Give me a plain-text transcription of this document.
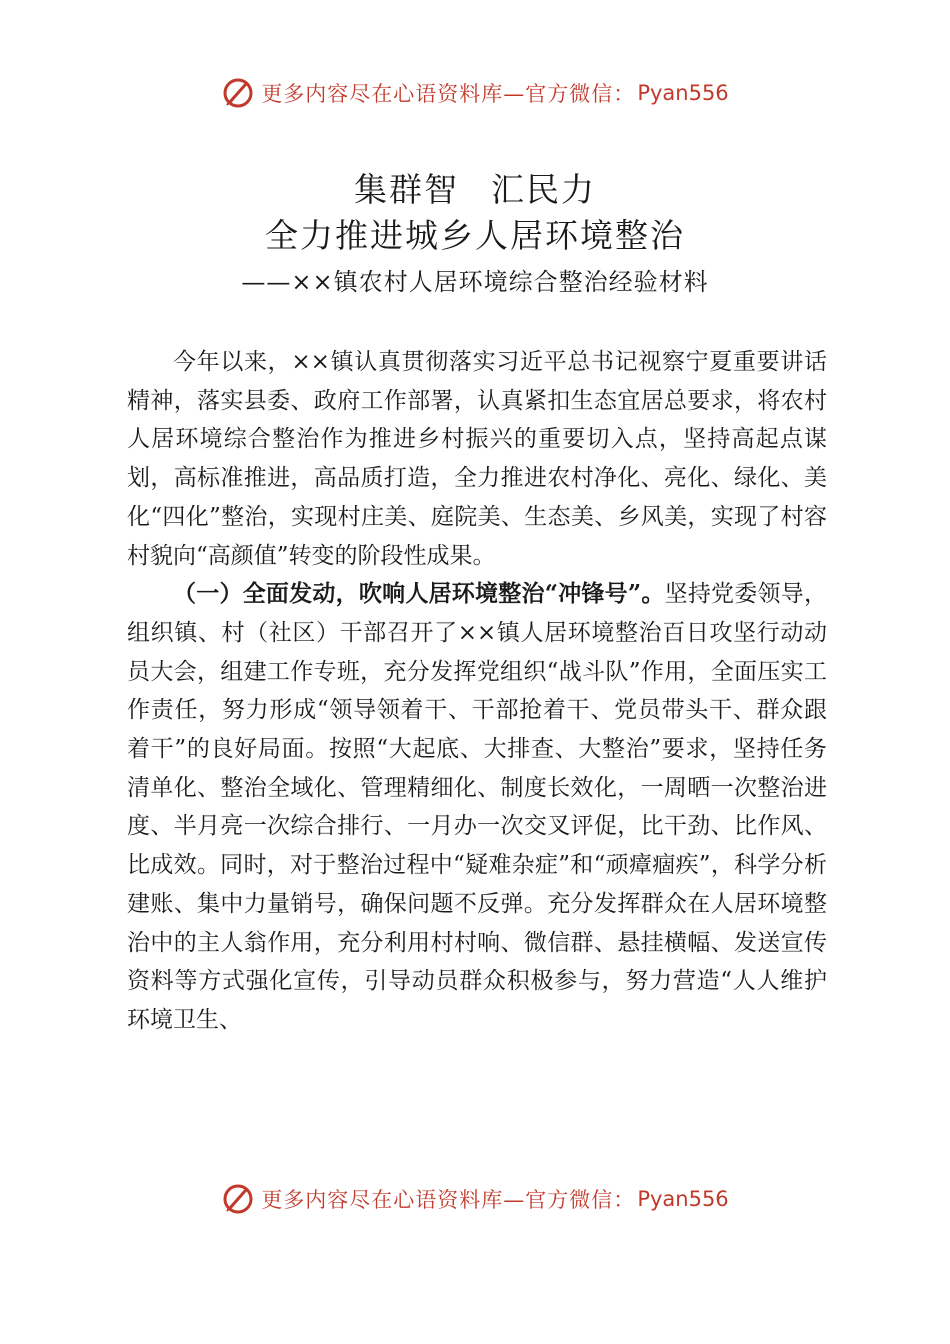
更多内容尽在心语资料库—官方微信： Pyan556
集群智 汇民力
全力推进城乡人居环境整治
——××镇农村人居环境综合整治经验材料

今年以来，××镇认真贯彻落实习近平总书记视察宁夏重要讲话精神，落实县委、政府工作部署，认真紧扣生态宜居总要求，将农村人居环境综合整治作为推进乡村振兴的重要切入点，坚持高起点谋划，高标准推进，高品质打造，全力推进农村净化、亮化、绿化、美化“四化”整治，实现村庄美、庭院美、生态美、乡风美，实现了村容村貌向“高颜值”转变的阶段性成果。

（一）全面发动，吹响人居环境整治“冲锋号”。坚持党委领导，组织镇、村（社区）干部召开了××镇人居环境整治百日攻坚行动动员大会，组建工作专班，充分发挥党组织“战斗队”作用，全面压实工作责任，努力形成“领导领着干、干部抢着干、党员带头干、群众跟着干”的良好局面。按照“大起底、大排查、大整治”要求，坚持任务清单化、整治全域化、管理精细化、制度长效化，一周晒一次整治进度、半月亮一次综合排行、一月办一次交叉评促，比干劲、比作风、比成效。同时，对于整治过程中“疑难杂症”和“顽瘴痼疾”，科学分析建账、集中力量销号，确保问题不反弹。充分发挥群众在人居环境整治中的主人翁作用，充分利用村村响、微信群、悬挂横幅、发送宣传资料等方式强化宣传，引导动员群众积极参与，努力营造“人人维护环境卫生、

更多内容尽在心语资料库—官方微信： Pyan556
